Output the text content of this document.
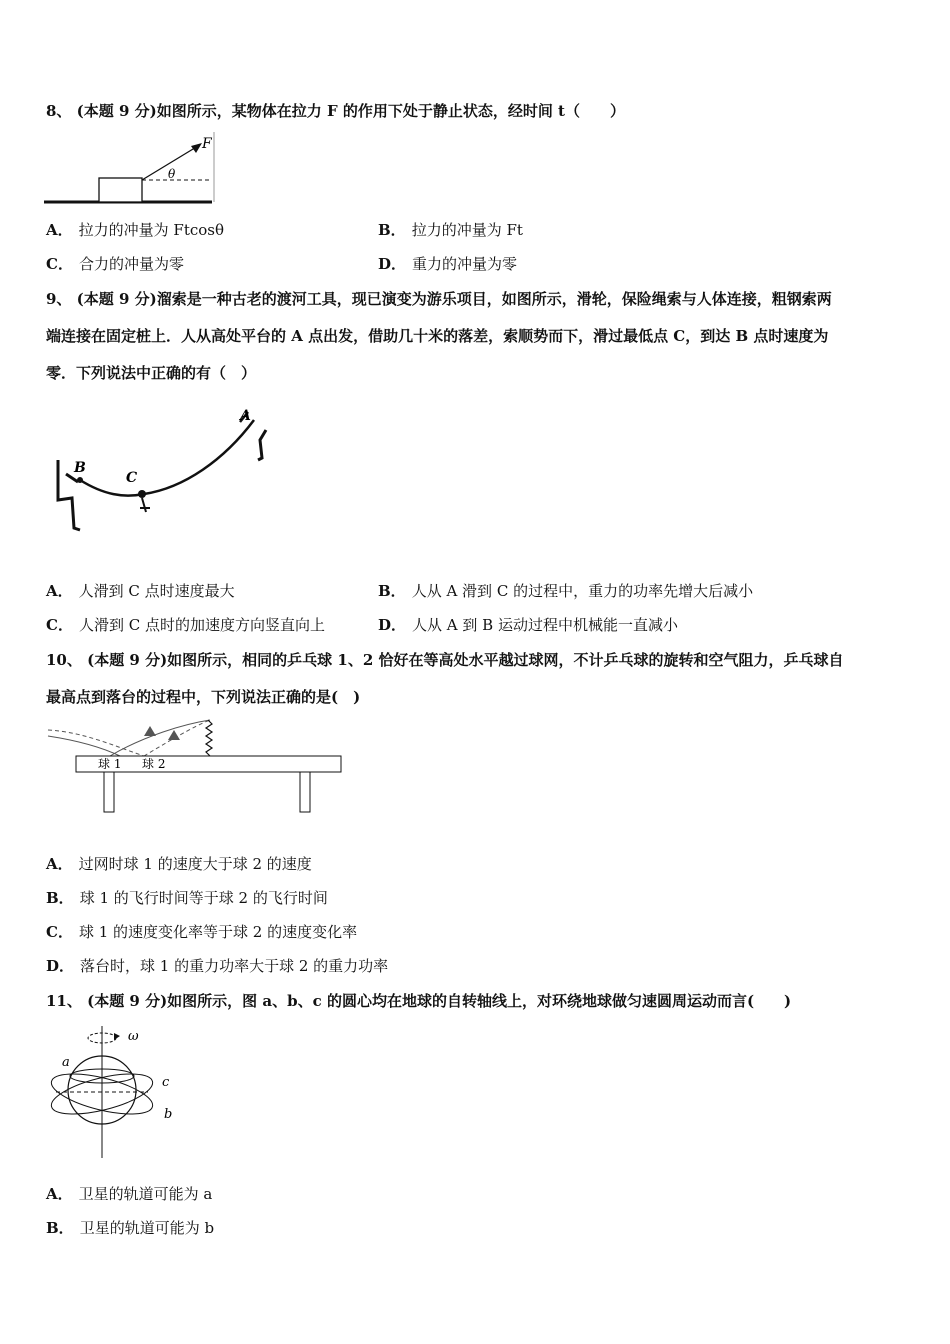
8、 (本题 9 分)如图所示，某物体在拉力 F 的作用下处于静止状态，经时间 t（　　）
F
θ
A． 拉力的冲量为 Ftcosθ	B． 拉力的冲量为 Ft
C． 合力的冲量为零	D． 重力的冲量为零
9、 (本题 9 分)溜索是一种古老的渡河工具，现已演变为游乐项目，如图所示，滑轮，保险绳索与人体连接，粗钢索两
端连接在固定桩上．人从高处平台的 A 点出发，借助几十米的落差，索顺势而下，滑过最低点 C，到达 B 点时速度为
零．下列说法中正确的有（　）
B
C
A
A． 人滑到 C 点时速度最大	B． 人从 A 滑到 C 的过程中，重力的功率先增大后减小
C． 人滑到 C 点时的加速度方向竖直向上	D． 人从 A 到 B 运动过程中机械能一直减小
10、 (本题 9 分)如图所示，相同的乒乓球 1、2 恰好在等高处水平越过球网，不计乒乓球的旋转和空气阻力，乒乓球自
最高点到落台的过程中，下列说法正确的是(　)
球 1 球 2
A． 过网时球 1 的速度大于球 2 的速度
B． 球 1 的飞行时间等于球 2 的飞行时间
C． 球 1 的速度变化率等于球 2 的速度变化率
D． 落台时，球 1 的重力功率大于球 2 的重力功率
11、 (本题 9 分)如图所示，图 a、b、c 的圆心均在地球的自转轴线上，对环绕地球做匀速圆周运动而言(　　)
ω
a
c
b
A． 卫星的轨道可能为 a
B． 卫星的轨道可能为 b
